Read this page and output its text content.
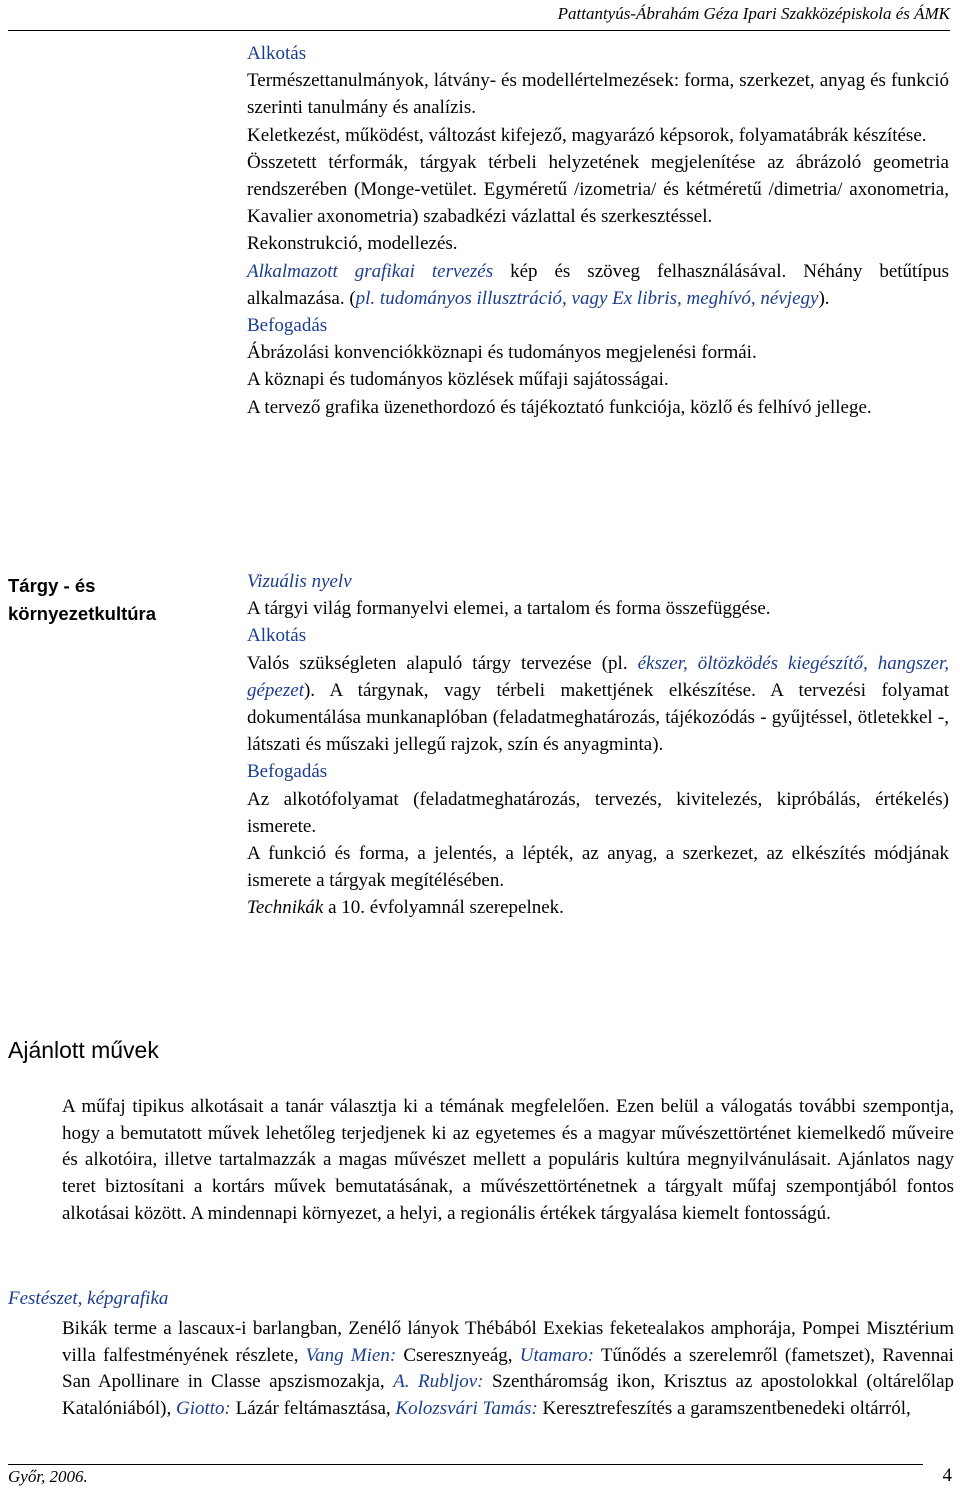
Pattantyús-Ábrahám Géza Ipari Szakközépiskola és ÁMK

Alkotás

Természettanulmányok, látvány- és modellértelmezések: forma, szerkezet, anyag és funkció szerinti tanulmány és analízis.

Keletkezést, működést, változást kifejező, magyarázó képsorok, folyamatábrák készítése.

Összetett térformák, tárgyak térbeli helyzetének megjelenítése az ábrázoló geometria rendszerében (Monge-vetület. Egyméretű /izometria/ és kétméretű /dimetria/ axonometria, Kavalier axonometria) szabadkézi vázlattal és szerkesztéssel.

Rekonstrukció, modellezés.

Alkalmazott grafikai tervezés kép és szöveg felhasználásával. Néhány betűtípus alkalmazása. (pl. tudományos illusztráció, vagy Ex libris, meghívó, névjegy).

Befogadás

Ábrázolási konvenciókköznapi és tudományos megjelenési formái.

A köznapi és tudományos közlések műfaji sajátosságai.

A tervező grafika üzenethordozó és tájékoztató funkciója, közlő és felhívó jellege.

Tárgy - és
környezetkultúra

Vizuális nyelv

A tárgyi világ formanyelvi elemei, a tartalom és forma összefüggése.

Alkotás

Valós szükségleten alapuló tárgy tervezése (pl. ékszer, öltözködés kiegészítő, hangszer, gépezet). A tárgynak, vagy térbeli makettjének elkészítése. A tervezési folyamat dokumentálása munkanaplóban (feladatmeghatározás, tájékozódás - gyűjtéssel, ötletekkel -, látszati és műszaki jellegű rajzok, szín és anyagminta).

Befogadás

Az alkotófolyamat (feladatmeghatározás, tervezés, kivitelezés, kipróbálás, értékelés) ismerete.

A funkció és forma, a jelentés, a lépték, az anyag, a szerkezet, az elkészítés módjának ismerete a tárgyak megítélésében.

Technikák a 10. évfolyamnál szerepelnek.

Ajánlott művek

A műfaj tipikus alkotásait a tanár választja ki a témának megfelelően. Ezen belül a válogatás további szempontja, hogy a bemutatott művek lehetőleg terjedjenek ki az egyetemes és a magyar művészettörténet kiemelkedő műveire és alkotóira, illetve tartalmazzák a magas művészet mellett a populáris kultúra megnyilvánulásait. Ajánlatos nagy teret biztosítani a kortárs művek bemutatásának, a művészettörténetnek a tárgyalt műfaj szempontjából fontos alkotásai között. A mindennapi környezet, a helyi, a regionális értékek tárgyalása kiemelt fontosságú.

Festészet, képgrafika

Bikák terme a lascaux-i barlangban, Zenélő lányok Thébából Exekias feketealakos amphorája, Pompei Misztérium villa falfestményének részlete, Vang Mien: Cseresznyeág, Utamaro: Tűnődés a szerelemről (fametszet), Ravennai San Apollinare in Classe apszismozakja, A. Rubljov: Szentháromság ikon, Krisztus az apostolokkal (oltárelőlap Katalóniából), Giotto: Lázár feltámasztása, Kolozsvári Tamás: Keresztrefeszítés a garamszentbenedeki oltárról,

Győr, 2006.	4
